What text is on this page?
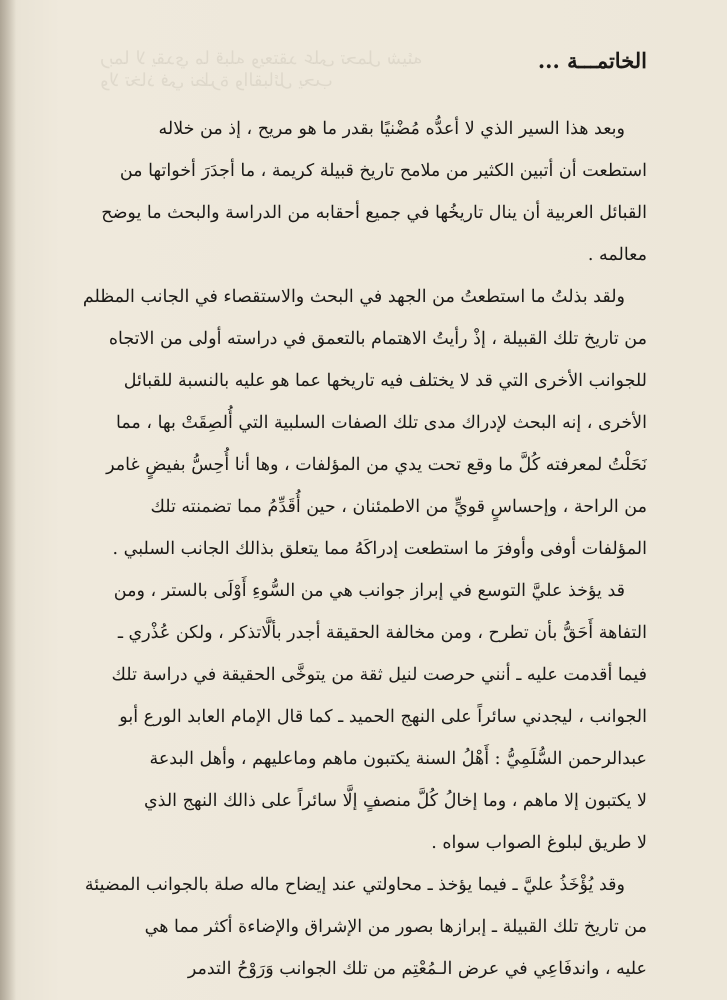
ربما لا يقدي ما قبله ويعتقد على تحمل شيئه
ولا تخاذ في نظرة والقبائل يحب
الخاتمـــة ...
وبعد هذا السير الذي لا أعدُّه مُضْنيًا بقدر ما هو مريح ، إذ من خلاله
استطعت أن أتبين الكثير من ملامح تاريخ قبيلة كريمة ، ما أجدَرَ أخواتها من
القبائل العربية أن ينال تاريخُها في جميع أحقابه من الدراسة والبحث ما يوضح
معالمه .
ولقد بذلتُ ما استطعتُ من الجهد في البحث والاستقصاء في الجانب المظلم
من تاريخ تلك القبيلة ، إذْ رأيتُ الاهتمام بالتعمق في دراسته أولى من الاتجاه
للجوانب الأخرى التي قد لا يختلف فيه تاريخها عما هو عليه بالنسبة للقبائل
الأخرى ، إنه البحث لإدراك مدى تلك الصفات السلبية التي أُلصِقَتْ بها ، مما
نَحَلْتُ لمعرفته كُلَّ ما وقع تحت يدي من المؤلفات ، وها أنا أُحِسُّ بفيضٍ غامر
من الراحة ، وإحساسٍ قويٍّ من الاطمئنان ، حين أُقَدِّمُ مما تضمنته تلك
المؤلفات أوفى وأوفرَ ما استطعت إدراكَهُ مما يتعلق بذالك الجانب السلبي .
قد يؤخذ عليَّ التوسع في إبراز جوانب هي من السُّوءِ أَوْلَى بالستر ، ومن
التفاهة أَحَقُّ بأن تطرح ، ومن مخالفة الحقيقة أجدر بألَّاتذكر ، ولكن عُذْري ـ
فيما أقدمت عليه ـ أنني حرصت لنيل ثقة من يتوخَّى الحقيقة في دراسة تلك
الجوانب ، ليجدني سائراً على النهج الحميد ـ كما قال الإمام العابد الورع أبو
عبدالرحمن السُّلَمِيُّ : أَهْلُ السنة يكتبون ماهم وماعليهم ، وأهل البدعة
لا يكتبون إلا ماهم ، وما إخالُ كُلَّ منصفٍ إلَّا سائراً على ذالك النهج الذي
لا طريق لبلوغ الصواب سواه .
وقد يُؤْخَذُ عليَّ ـ فيما يؤخذ ـ محاولتي عند إيضاح ماله صلة بالجوانب المضيئة
من تاريخ تلك القبيلة ـ إبرازها بصور من الإشراق والإضاءة أكثر مما هي
عليه ، واندفَاعِي في عرض الـمُعْتِم من تلك الجوانب وَرَوْحُ التدمر
